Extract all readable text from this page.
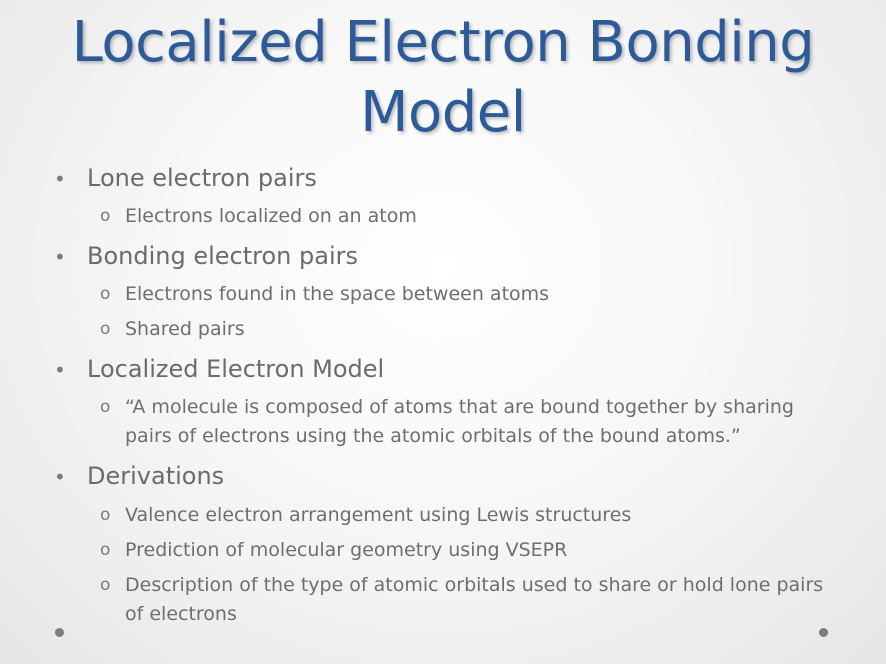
Localized Electron Bonding Model
• Lone electron pairs
o Electrons localized on an atom
• Bonding electron pairs
o Electrons found in the space between atoms
o Shared pairs
• Localized Electron Model
o “A molecule is composed of atoms that are bound together by sharing pairs of electrons using the atomic orbitals of the bound atoms.”
• Derivations
o Valence electron arrangement using Lewis structures
o Prediction of molecular geometry using VSEPR
o Description of the type of atomic orbitals used to share or hold lone pairs of electrons
